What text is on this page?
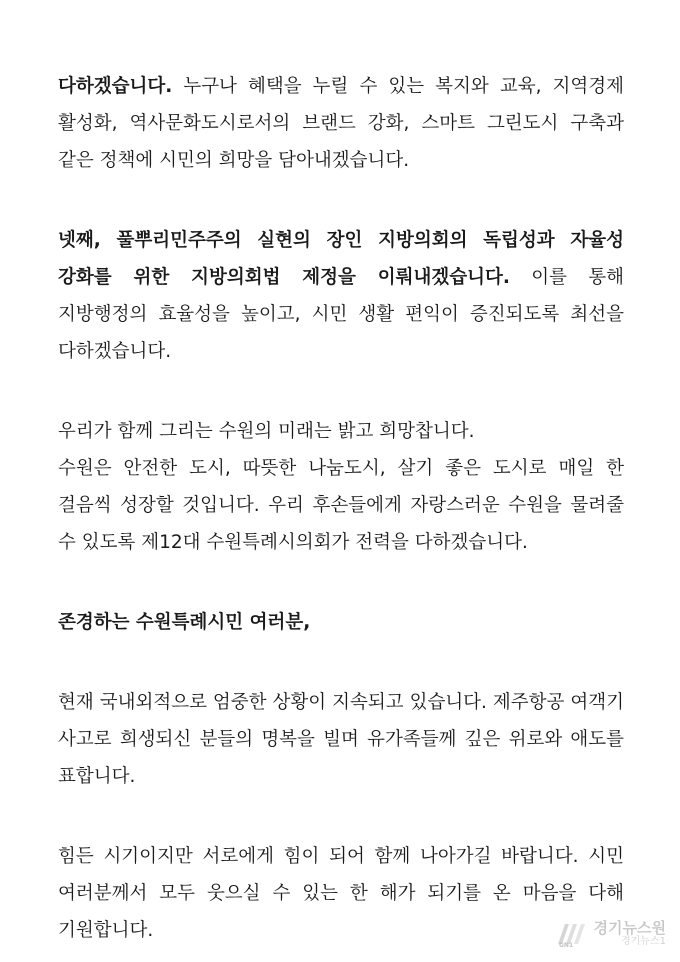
다하겠습니다. 누구나 혜택을 누릴 수 있는 복지와 교육, 지역경제 활성화, 역사문화도시로서의 브랜드 강화, 스마트 그린도시 구축과 같은 정책에 시민의 희망을 담아내겠습니다.

넷째, 풀뿌리민주주의 실현의 장인 지방의회의 독립성과 자율성 강화를 위한 지방의회법 제정을 이뤄내겠습니다. 이를 통해 지방행정의 효율성을 높이고, 시민 생활 편익이 증진되도록 최선을 다하겠습니다.

우리가 함께 그리는 수원의 미래는 밝고 희망찹니다.

수원은 안전한 도시, 따뜻한 나눔도시, 살기 좋은 도시로 매일 한 걸음씩 성장할 것입니다. 우리 후손들에게 자랑스러운 수원을 물려줄 수 있도록 제12대 수원특례시의회가 전력을 다하겠습니다.

존경하는 수원특례시민 여러분,

현재 국내외적으로 엄중한 상황이 지속되고 있습니다. 제주항공 여객기 사고로 희생되신 분들의 명복을 빌며 유가족들께 깊은 위로와 애도를 표합니다.

힘든 시기이지만 서로에게 힘이 되어 함께 나아가길 바랍니다. 시민 여러분께서 모두 웃으실 수 있는 한 해가 되기를 온 마음을 다해 기원합니다.

GN1
경기뉴스원
경기뉴스1
